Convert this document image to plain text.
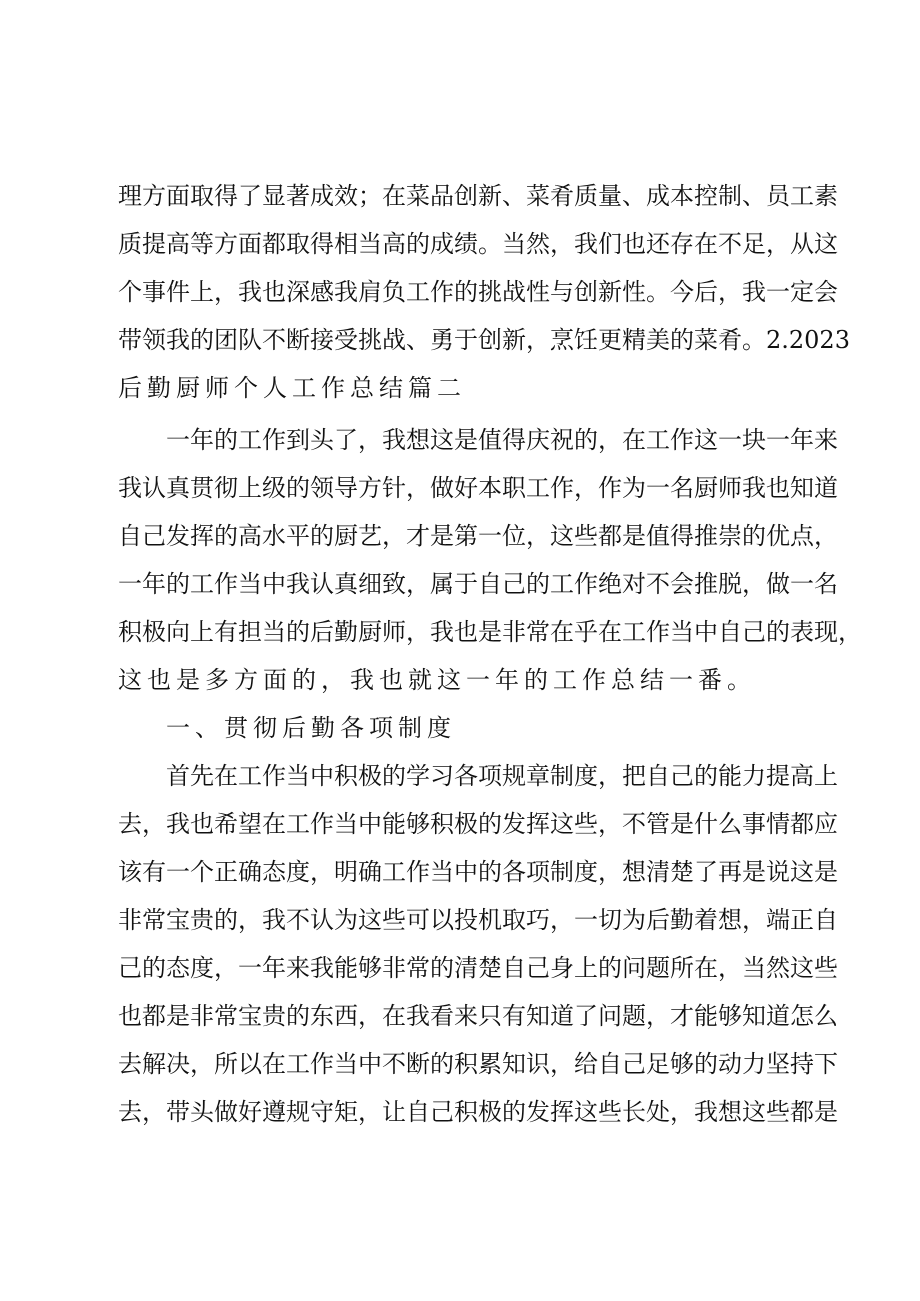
理方面取得了显著成效；在菜品创新、菜肴质量、成本控制、员工素
质提高等方面都取得相当高的成绩。当然，我们也还存在不足，从这
个事件上，我也深感我肩负工作的挑战性与创新性。今后，我一定会
带领我的团队不断接受挑战、勇于创新，烹饪更精美的菜肴。2.2023
后勤厨师个人工作总结篇二
一年的工作到头了，我想这是值得庆祝的，在工作这一块一年来
我认真贯彻上级的领导方针，做好本职工作，作为一名厨师我也知道
自己发挥的高水平的厨艺，才是第一位，这些都是值得推崇的优点，
一年的工作当中我认真细致，属于自己的工作绝对不会推脱，做一名
积极向上有担当的后勤厨师，我也是非常在乎在工作当中自己的表现，
这也是多方面的，我也就这一年的工作总结一番。
一、贯彻后勤各项制度
首先在工作当中积极的学习各项规章制度，把自己的能力提高上
去，我也希望在工作当中能够积极的发挥这些，不管是什么事情都应
该有一个正确态度，明确工作当中的各项制度，想清楚了再是说这是
非常宝贵的，我不认为这些可以投机取巧，一切为后勤着想，端正自
己的态度，一年来我能够非常的清楚自己身上的问题所在，当然这些
也都是非常宝贵的东西，在我看来只有知道了问题，才能够知道怎么
去解决，所以在工作当中不断的积累知识，给自己足够的动力坚持下
去，带头做好遵规守矩，让自己积极的发挥这些长处，我想这些都是
